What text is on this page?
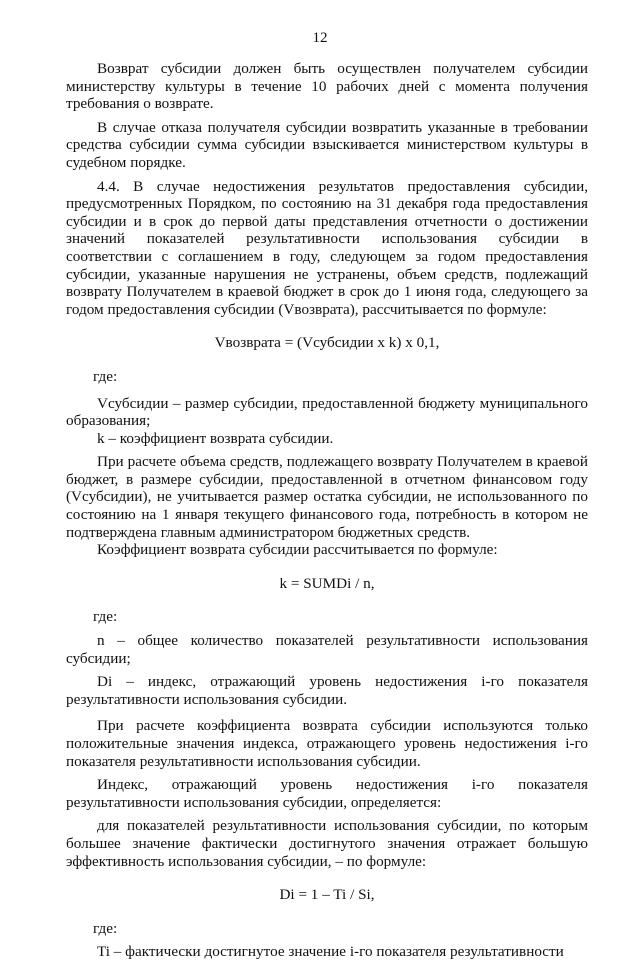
12

Возврат субсидии должен быть осуществлен получателем субсидии министерству культуры в течение 10 рабочих дней с момента получения требования о возврате.

В случае отказа получателя субсидии возвратить указанные в требовании средства субсидии сумма субсидии взыскивается министерством культуры в судебном порядке.

4.4. В случае недостижения результатов предоставления субсидии, предусмотренных Порядком, по состоянию на 31 декабря года предоставления субсидии и в срок до первой даты представления отчетности о достижении значений показателей результативности использования субсидии в соответствии с соглашением в году, следующем за годом предоставления субсидии, указанные нарушения не устранены, объем средств, подлежащий возврату Получателем в краевой бюджет в срок до 1 июня года, следующего за годом предоставления субсидии (Vвозврата), рассчитывается по формуле:

Vвозврата = (Vсубсидии x k) x 0,1,

где:

Vсубсидии – размер субсидии, предоставленной бюджету муниципального образования;

k – коэффициент возврата субсидии.

При расчете объема средств, подлежащего возврату Получателем в краевой бюджет, в размере субсидии, предоставленной в отчетном финансовом году (Vсубсидии), не учитывается размер остатка субсидии, не использованного по состоянию на 1 января текущего финансового года, потребность в котором не подтверждена главным администратором бюджетных средств.

Коэффициент возврата субсидии рассчитывается по формуле:

k = SUMDi / n,

где:

n – общее количество показателей результативности использования субсидии;

Di – индекс, отражающий уровень недостижения i-го показателя результативности использования субсидии.

При расчете коэффициента возврата субсидии используются только положительные значения индекса, отражающего уровень недостижения i-го показателя результативности использования субсидии.

Индекс, отражающий уровень недостижения i-го показателя результативности использования субсидии, определяется:

для показателей результативности использования субсидии, по которым большее значение фактически достигнутого значения отражает большую эффективность использования субсидии, – по формуле:

Di = 1 – Ti / Si,

где:

Ti – фактически достигнутое значение i-го показателя результативности
